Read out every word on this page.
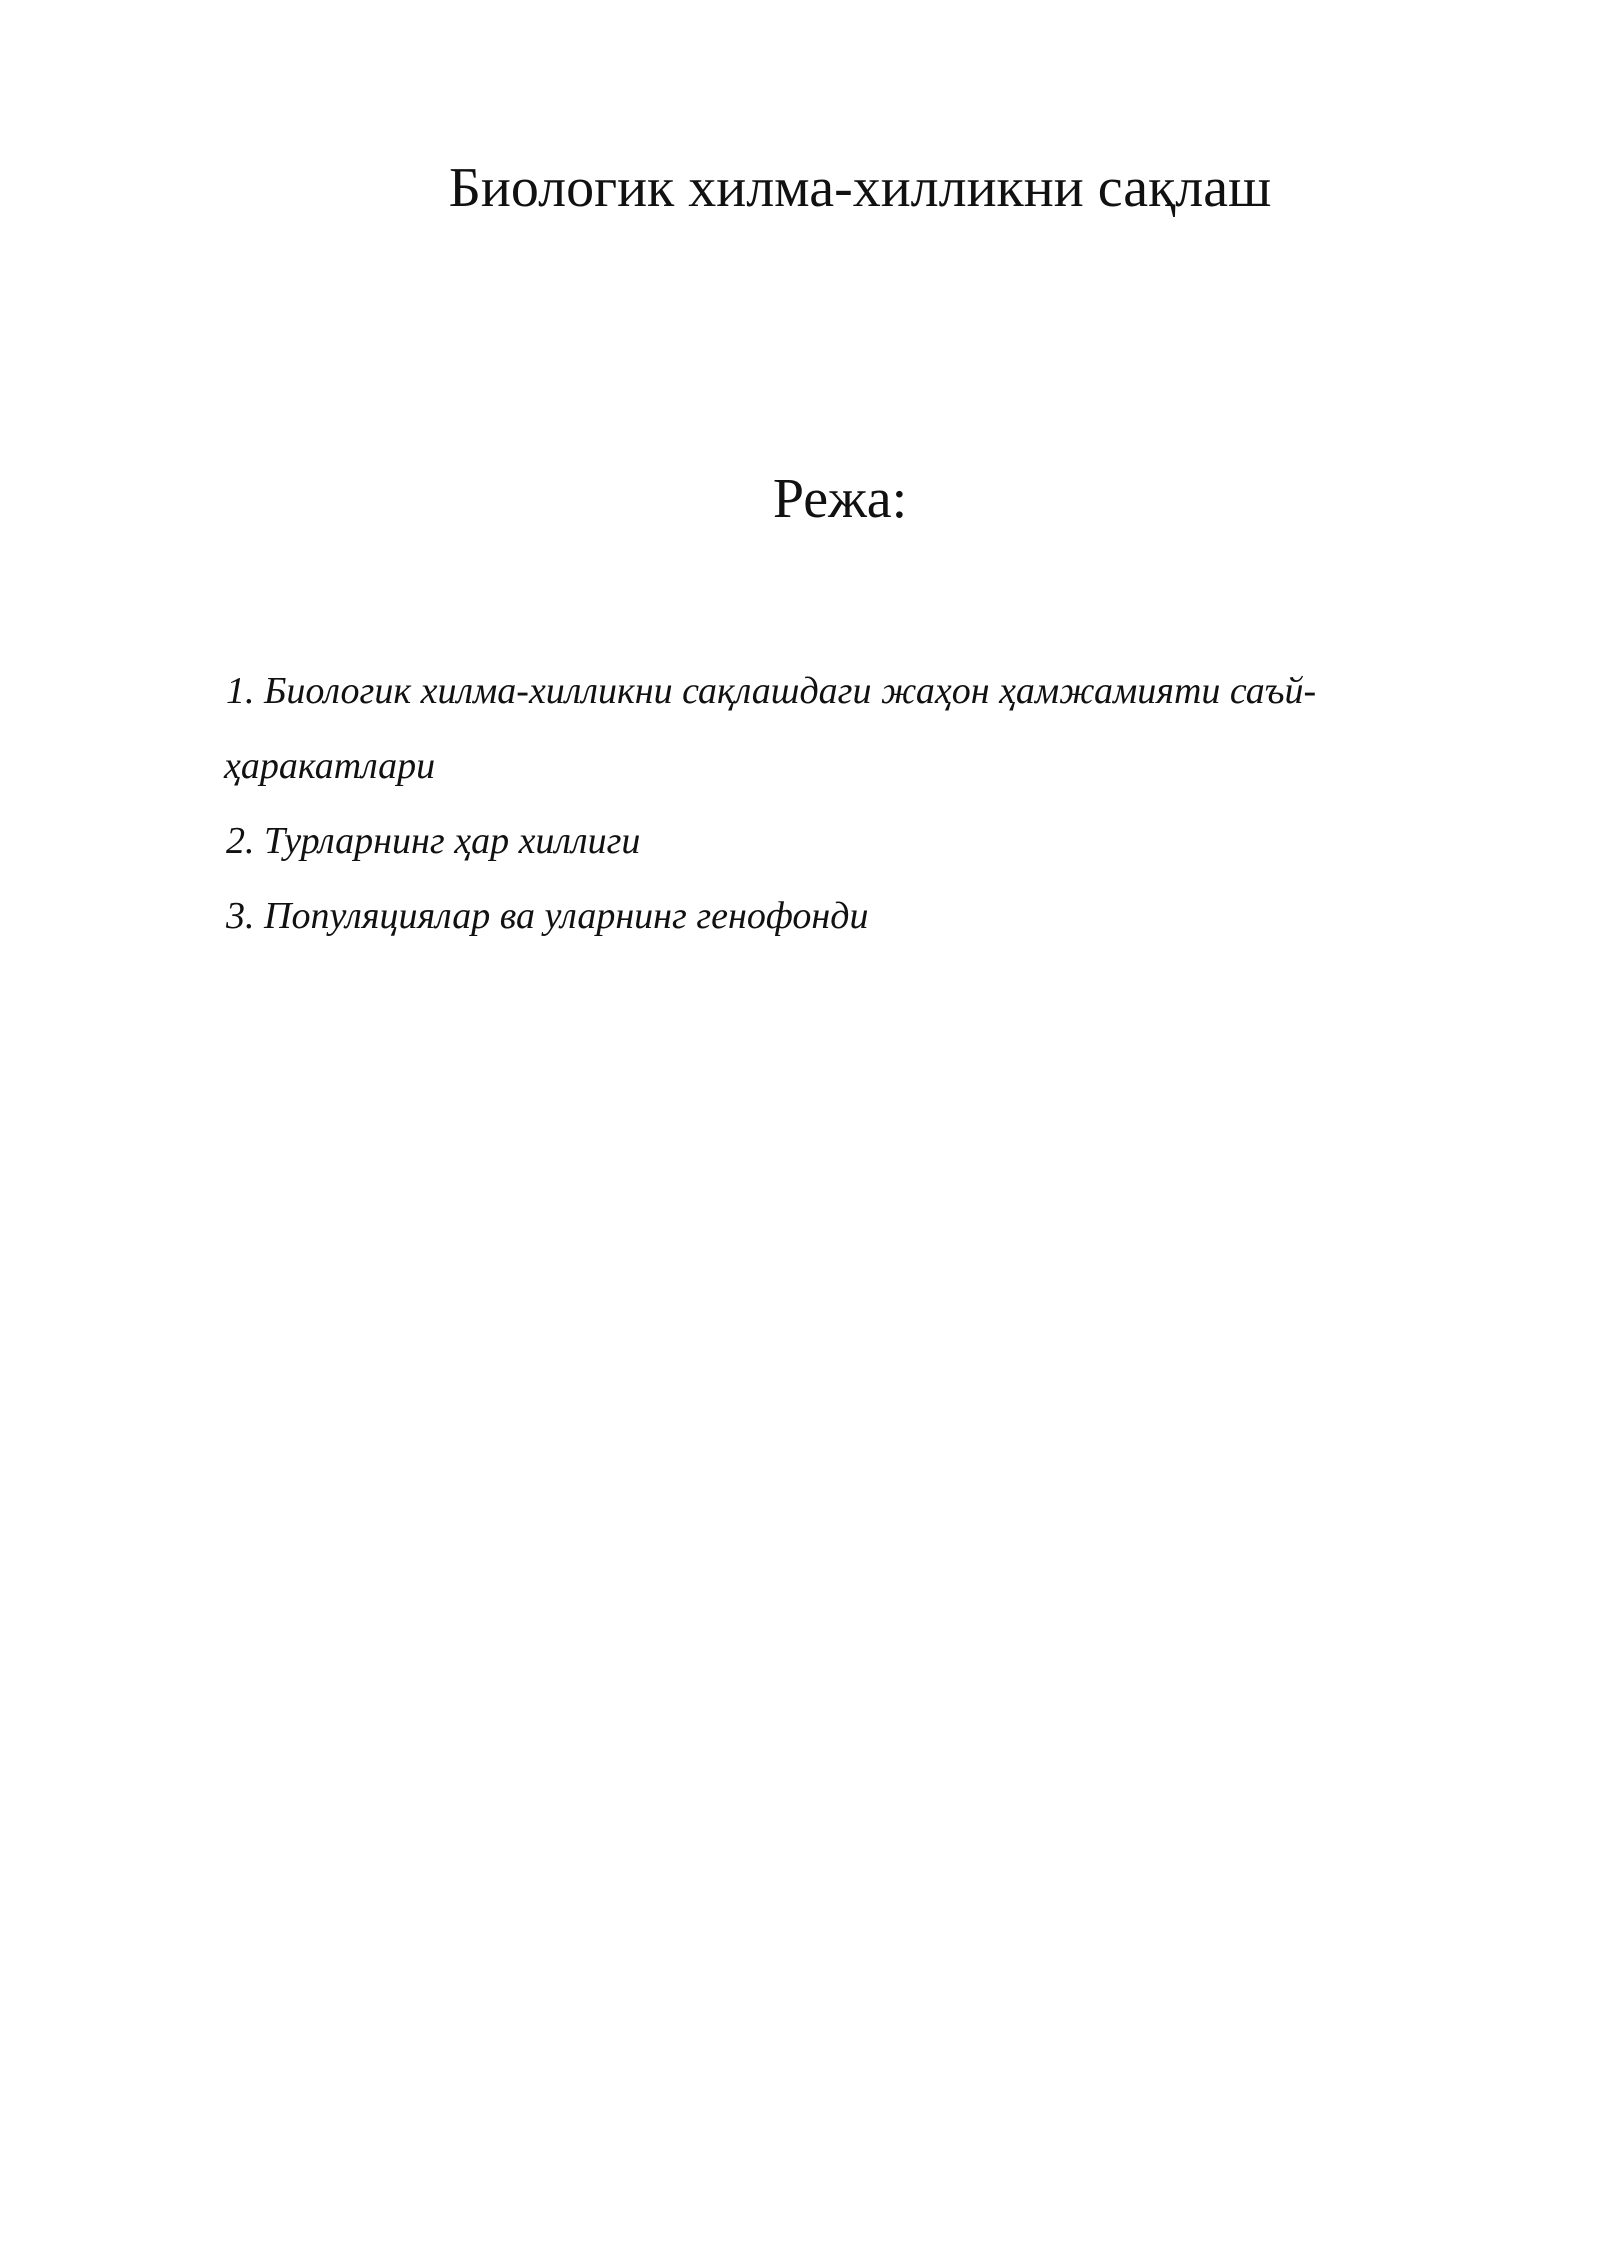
Биологик хилма-хилликни сақлаш
Режа:
1. Биологик хилма-хилликни сақлашдаги жаҳон ҳамжамияти саъй-
ҳаракатлари
2. Турларнинг ҳар хиллиги
3. Популяциялар ва уларнинг генофонди
